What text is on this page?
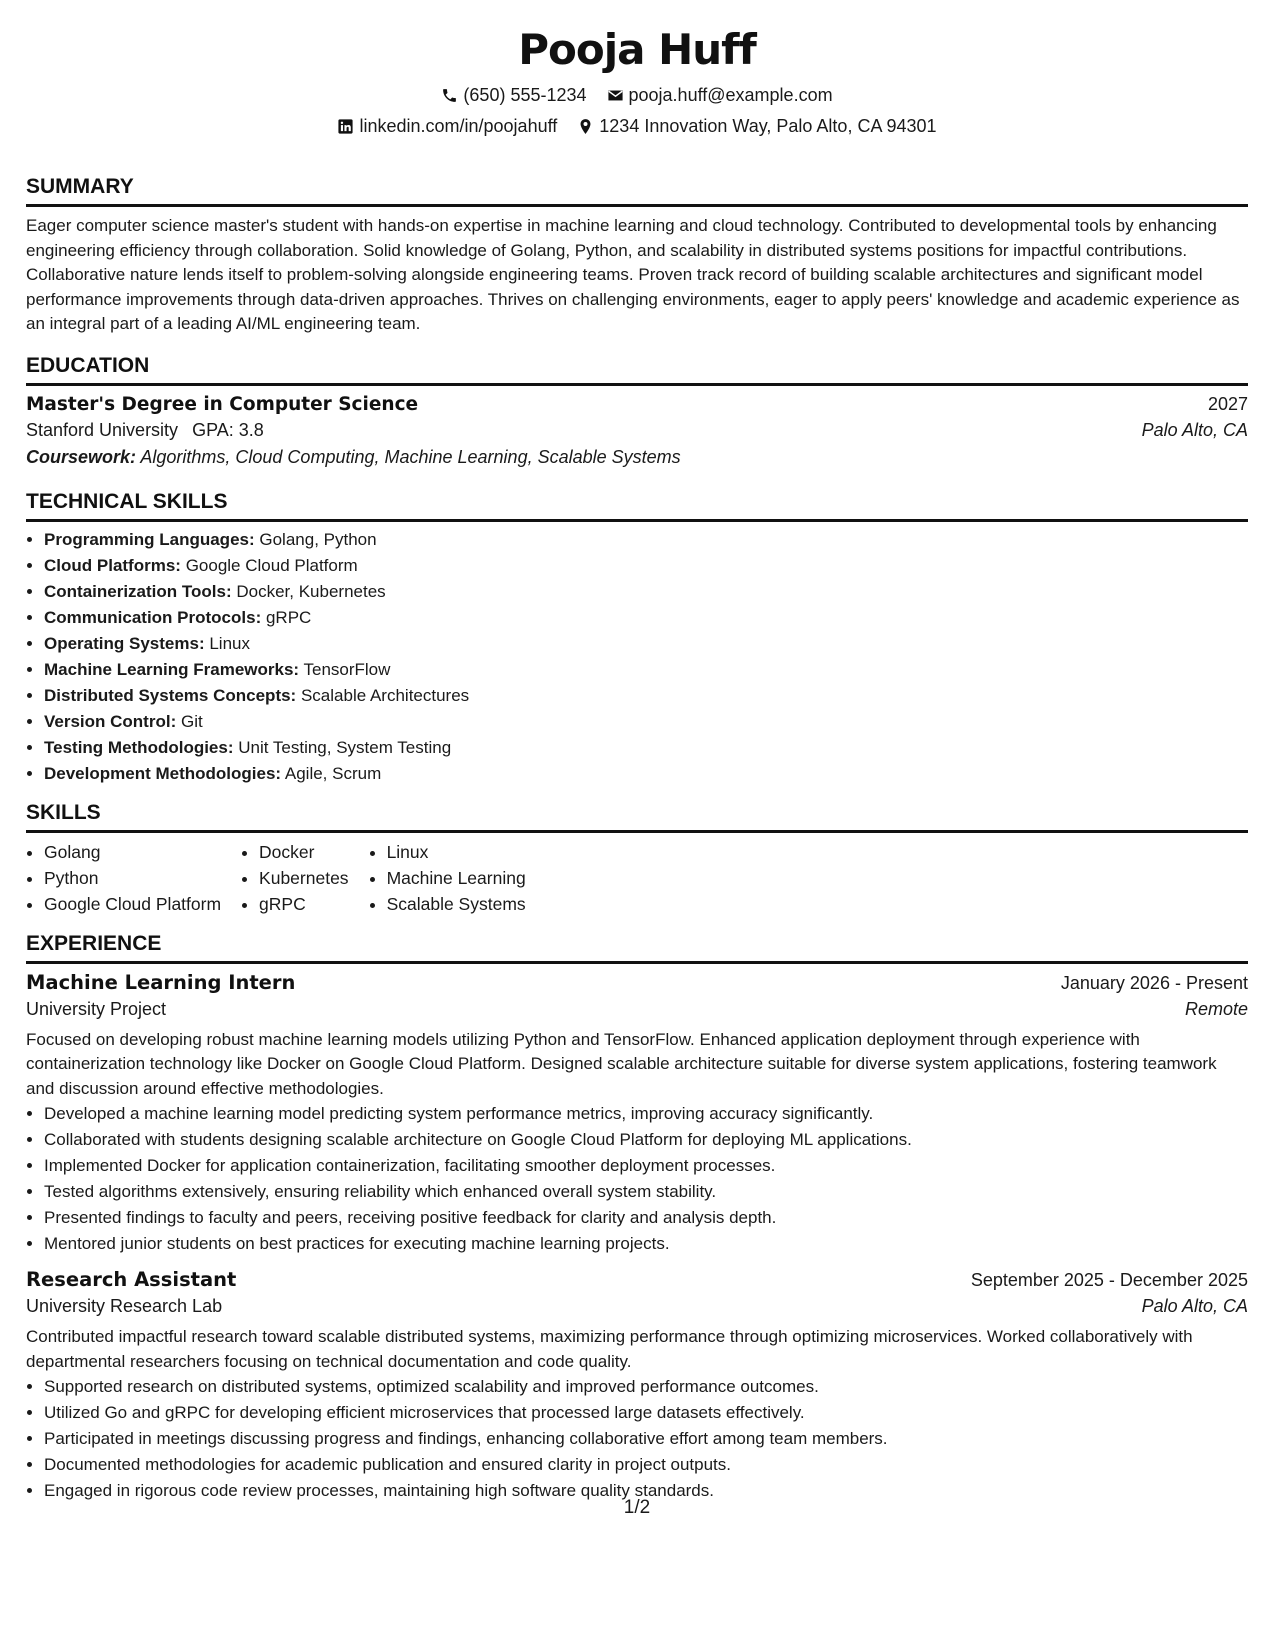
Pooja Huff
(650) 555-1234 pooja.huff@example.com
linkedin.com/in/poojahuff 1234 Innovation Way, Palo Alto, CA 94301
SUMMARY
Eager computer science master's student with hands-on expertise in machine learning and cloud technology. Contributed to developmental tools by enhancing engineering efficiency through collaboration. Solid knowledge of Golang, Python, and scalability in distributed systems positions for impactful contributions. Collaborative nature lends itself to problem-solving alongside engineering teams. Proven track record of building scalable architectures and significant model performance improvements through data-driven approaches. Thrives on challenging environments, eager to apply peers' knowledge and academic experience as an integral part of a leading AI/ML engineering team.
EDUCATION
Master's Degree in Computer Science	2027
Stanford University GPA: 3.8	Palo Alto, CA
Coursework: Algorithms, Cloud Computing, Machine Learning, Scalable Systems
TECHNICAL SKILLS
• Programming Languages: Golang, Python
• Cloud Platforms: Google Cloud Platform
• Containerization Tools: Docker, Kubernetes
• Communication Protocols: gRPC
• Operating Systems: Linux
• Machine Learning Frameworks: TensorFlow
• Distributed Systems Concepts: Scalable Architectures
• Version Control: Git
• Testing Methodologies: Unit Testing, System Testing
• Development Methodologies: Agile, Scrum
SKILLS
• Golang
• Python
• Google Cloud Platform
• Docker
• Kubernetes
• gRPC
• Linux
• Machine Learning
• Scalable Systems
EXPERIENCE
Machine Learning Intern	January 2026 - Present
University Project	Remote
Focused on developing robust machine learning models utilizing Python and TensorFlow. Enhanced application deployment through experience with containerization technology like Docker on Google Cloud Platform. Designed scalable architecture suitable for diverse system applications, fostering teamwork and discussion around effective methodologies.
• Developed a machine learning model predicting system performance metrics, improving accuracy significantly.
• Collaborated with students designing scalable architecture on Google Cloud Platform for deploying ML applications.
• Implemented Docker for application containerization, facilitating smoother deployment processes.
• Tested algorithms extensively, ensuring reliability which enhanced overall system stability.
• Presented findings to faculty and peers, receiving positive feedback for clarity and analysis depth.
• Mentored junior students on best practices for executing machine learning projects.
Research Assistant	September 2025 - December 2025
University Research Lab	Palo Alto, CA
Contributed impactful research toward scalable distributed systems, maximizing performance through optimizing microservices. Worked collaboratively with departmental researchers focusing on technical documentation and code quality.
• Supported research on distributed systems, optimized scalability and improved performance outcomes.
• Utilized Go and gRPC for developing efficient microservices that processed large datasets effectively.
• Participated in meetings discussing progress and findings, enhancing collaborative effort among team members.
• Documented methodologies for academic publication and ensured clarity in project outputs.
• Engaged in rigorous code review processes, maintaining high software quality standards.
1/2
